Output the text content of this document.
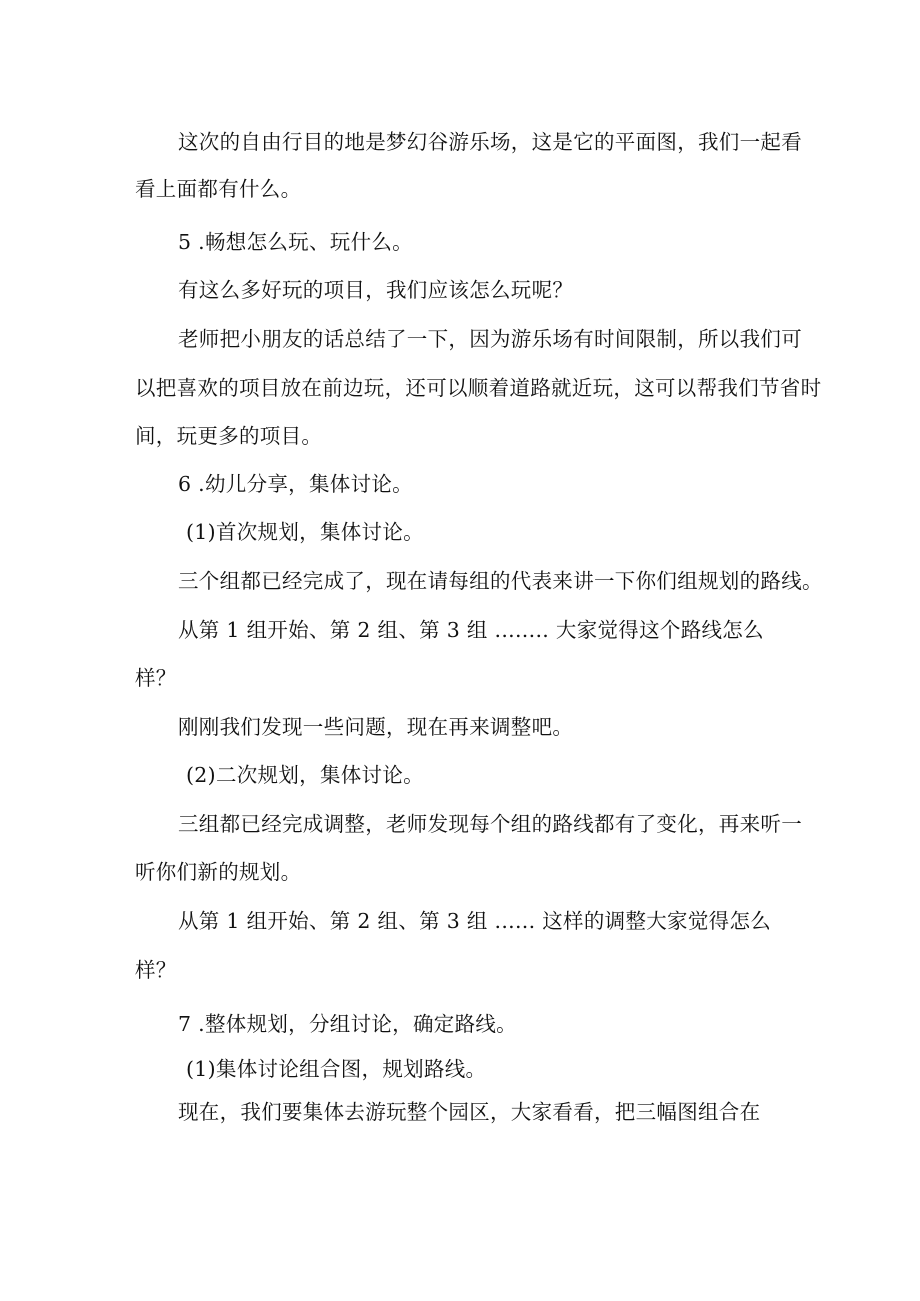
这次的自由行目的地是梦幻谷游乐场，这是它的平面图，我们一起看
看上面都有什么。
5 .畅想怎么玩、玩什么。
有这么多好玩的项目，我们应该怎么玩呢？
老师把小朋友的话总结了一下，因为游乐场有时间限制，所以我们可
以把喜欢的项目放在前边玩，还可以顺着道路就近玩，这可以帮我们节省时
间，玩更多的项目。
6 .幼儿分享，集体讨论。
(1)首次规划，集体讨论。
三个组都已经完成了，现在请每组的代表来讲一下你们组规划的路线。
从第 1 组开始、第 2 组、第 3 组 ........ 大家觉得这个路线怎么
样？
刚刚我们发现一些问题，现在再来调整吧。
(2)二次规划，集体讨论。
三组都已经完成调整，老师发现每个组的路线都有了变化，再来听一
听你们新的规划。
从第 1 组开始、第 2 组、第 3 组 ...... 这样的调整大家觉得怎么
样？
7 .整体规划，分组讨论，确定路线。
(1)集体讨论组合图，规划路线。
现在，我们要集体去游玩整个园区，大家看看，把三幅图组合在
